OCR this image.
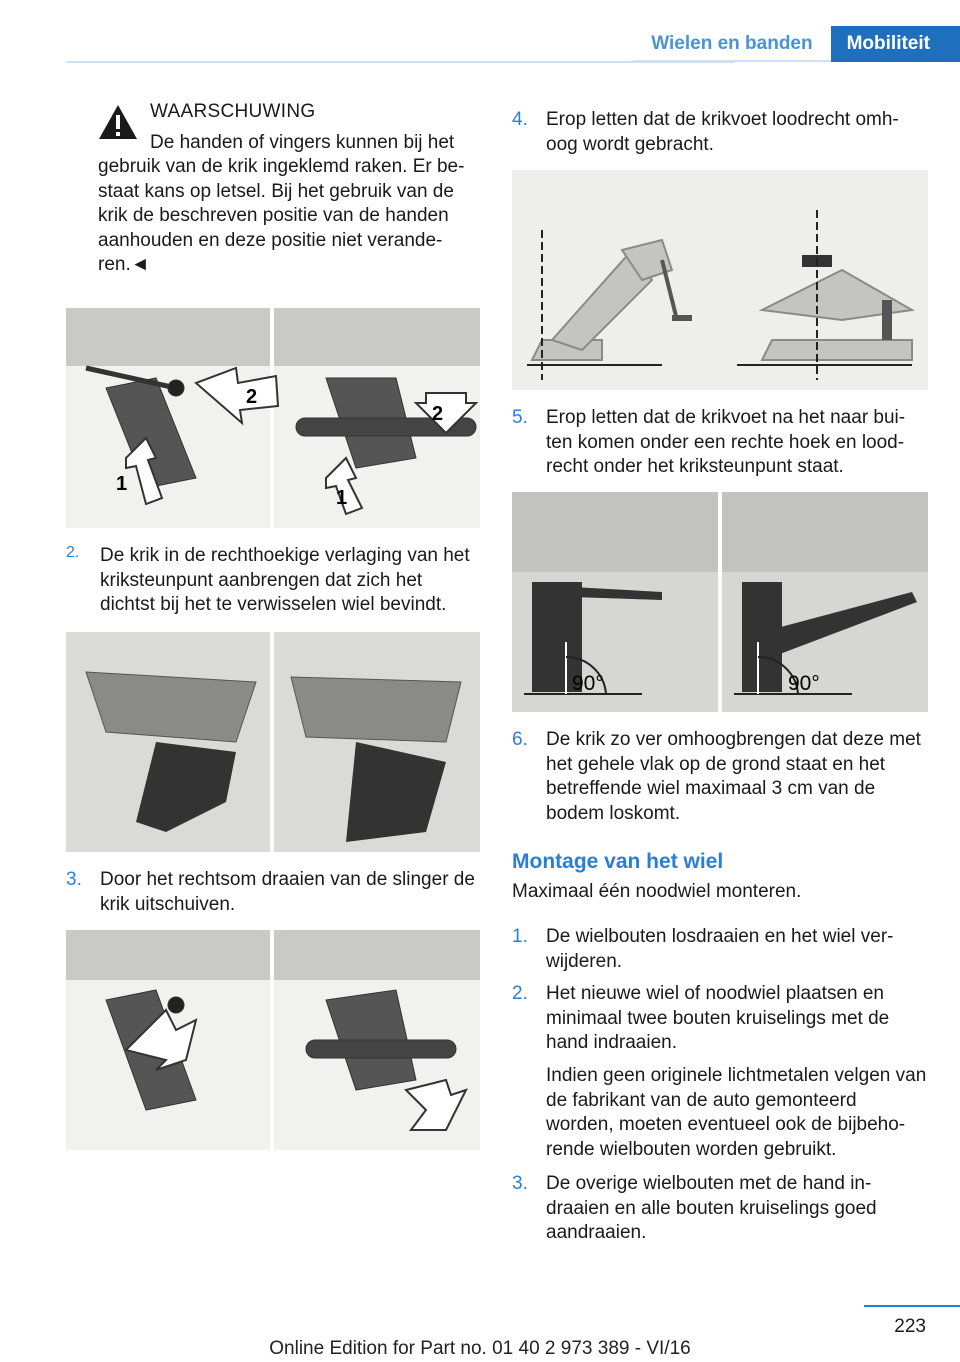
Wielen en banden	Mobiliteit
WAARSCHUWING

De handen of vingers kunnen bij het

gebruik van de krik ingeklemd raken. Er be- staat kans op letsel. Bij het gebruik van de krik de beschreven positie van de handen aanhouden en deze positie niet verande- ren.◄

1
2
2
1
2.	De krik in de rechthoekige verlaging van het kriksteunpunt aanbrengen dat zich het dichtst bij het te verwisselen wiel bevindt.
3. Door het rechtsom draaien van de slinger de krik uitschuiven.
4. Erop letten dat de krikvoet loodrecht omh- oog wordt gebracht.
5. Erop letten dat de krikvoet na het naar bui- ten komen onder een rechte hoek en lood- recht onder het kriksteunpunt staat.
90°	90°
6. De krik zo ver omhoogbrengen dat deze met het gehele vlak op de grond staat en het betreffende wiel maximaal 3 cm van de bodem loskomt.
Montage van het wiel
Maximaal één noodwiel monteren.
1. De wielbouten losdraaien en het wiel ver- wijderen.
2. Het nieuwe wiel of noodwiel plaatsen en minimaal twee bouten kruiselings met de hand indraaien.
Indien geen originele lichtmetalen velgen van de fabrikant van de auto gemonteerd worden, moeten eventueel ook de bijbeho- rende wielbouten worden gebruikt.
3. De overige wielbouten met de hand in- draaien en alle bouten kruiselings goed aandraaien.
223
Online Edition for Part no. 01 40 2 973 389 - VI/16
